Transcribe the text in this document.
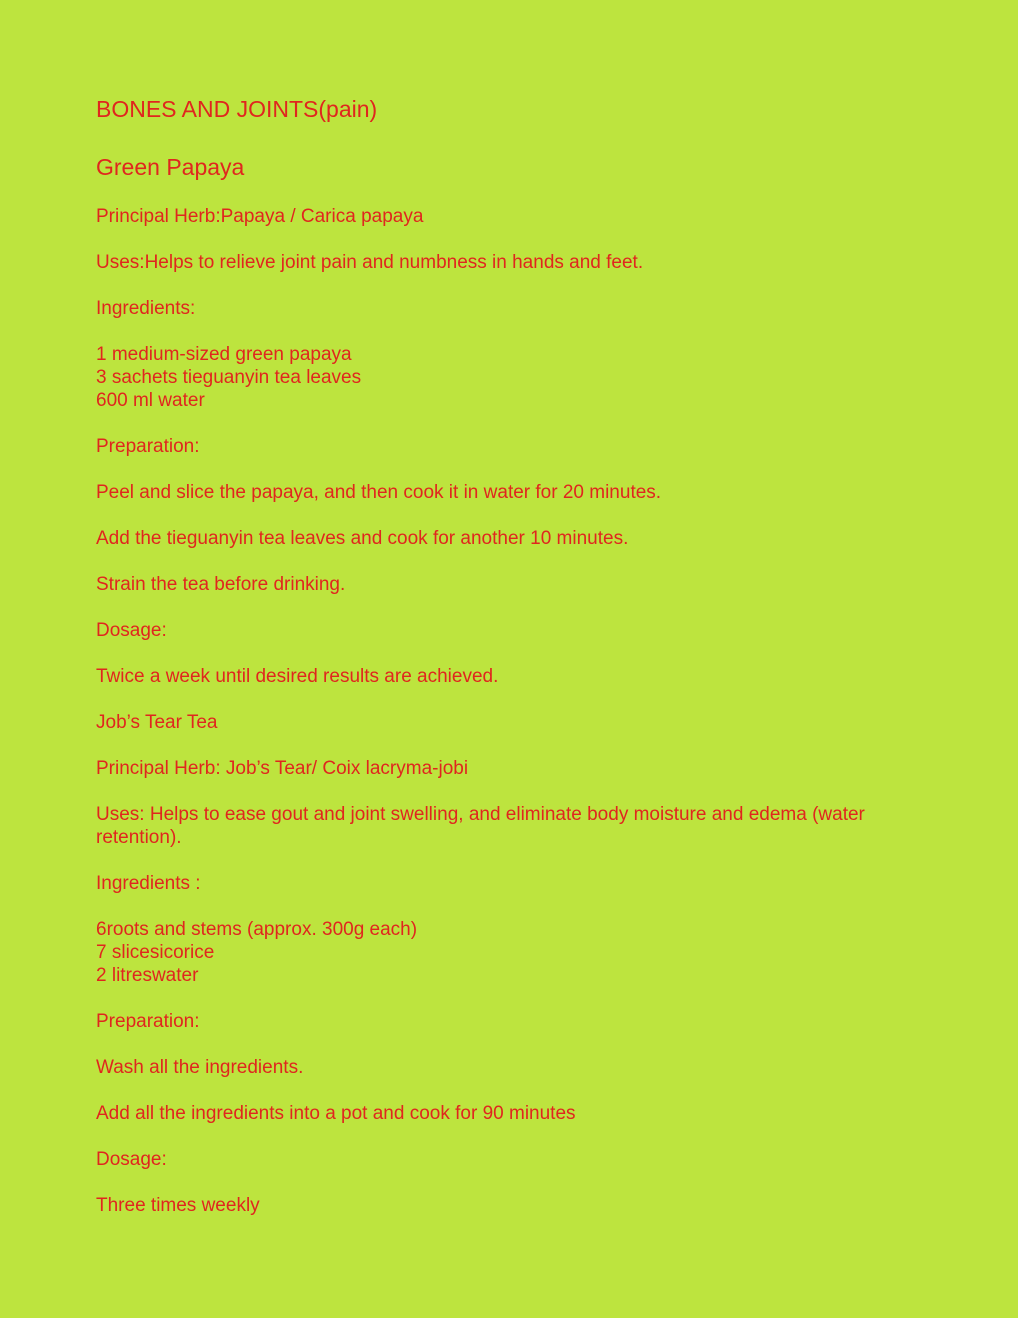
BONES AND JOINTS(pain)
Green Papaya

Principal Herb:Papaya / Carica papaya

Uses:Helps to relieve joint pain and numbness in hands and feet.

Ingredients:

1 medium-sized green papaya
3 sachets tieguanyin tea leaves
600 ml water

Preparation:

Peel and slice the papaya, and then cook it in water for 20 minutes.

Add the tieguanyin tea leaves and cook for another 10 minutes.

Strain the tea before drinking.

Dosage:

Twice a week until desired results are achieved.

Job’s Tear Tea

Principal Herb: Job’s Tear/ Coix lacryma-jobi

Uses: Helps to ease gout and joint swelling, and eliminate body moisture and edema (water retention).

Ingredients :

6roots and stems (approx. 300g each)
7 slicesicorice
2 litreswater

Preparation:

Wash all the ingredients.

Add all the ingredients into a pot and cook for 90 minutes

Dosage:

Three times weekly
